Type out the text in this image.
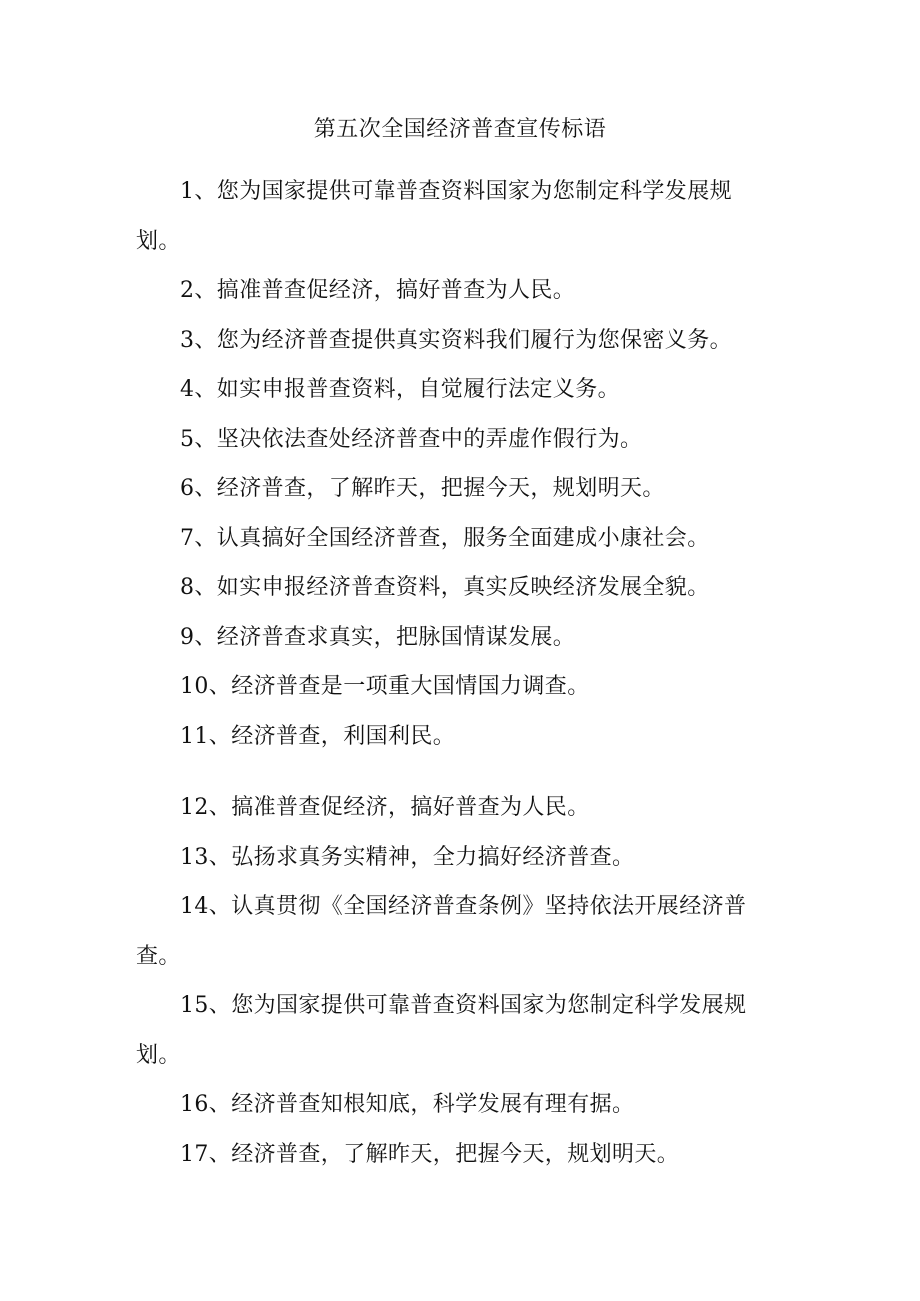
第五次全国经济普查宣传标语
1、您为国家提供可靠普查资料国家为您制定科学发展规划。
2、搞准普查促经济，搞好普查为人民。
3、您为经济普查提供真实资料我们履行为您保密义务。
4、如实申报普查资料，自觉履行法定义务。
5、坚决依法查处经济普查中的弄虚作假行为。
6、经济普查，了解昨天，把握今天，规划明天。
7、认真搞好全国经济普查，服务全面建成小康社会。
8、如实申报经济普查资料，真实反映经济发展全貌。
9、经济普查求真实，把脉国情谋发展。
10、经济普查是一项重大国情国力调查。
11、经济普查，利国利民。
12、搞准普查促经济，搞好普查为人民。
13、弘扬求真务实精神，全力搞好经济普查。
14、认真贯彻《全国经济普查条例》坚持依法开展经济普查。
15、您为国家提供可靠普查资料国家为您制定科学发展规划。
16、经济普查知根知底，科学发展有理有据。
17、经济普查，了解昨天，把握今天，规划明天。
